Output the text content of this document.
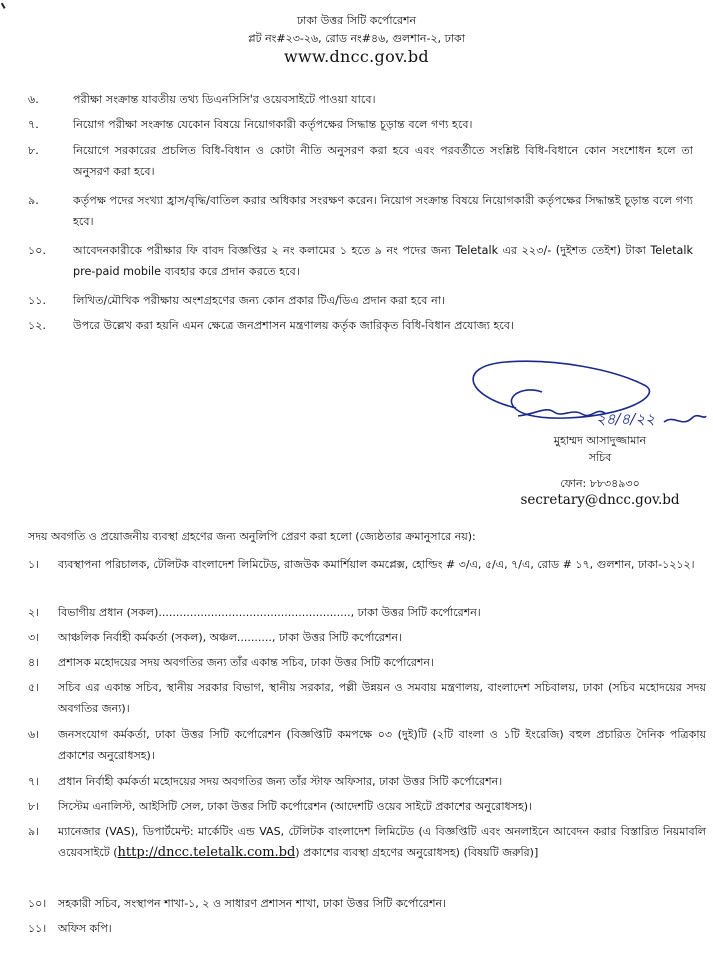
ঢাকা উত্তর সিটি কর্পোরেশন
প্লট নং#২৩-২৬, রোড নং#৪৬, গুলশান-২, ঢাকা
www.dncc.gov.bd
৬.	পরীক্ষা সংক্রান্ত যাবতীয় তথ্য ডিএনসিসি'র ওয়েবসাইটে পাওয়া যাবে।
৭.	নিয়োগ পরীক্ষা সংক্রান্ত যেকোন বিষয়ে নিয়োগকারী কর্তৃপক্ষের সিদ্ধান্ত চূড়ান্ত বলে গণ্য হবে।
৮.	নিয়োগে সরকারের প্রচলিত বিধি-বিধান ও কোটা নীতি অনুসরণ করা হবে এবং পরবর্তীতে সংশ্লিষ্ট বিধি-বিধানে কোন সংশোধন হলে তা অনুসরণ করা হবে।
৯.	কর্তৃপক্ষ পদের সংখ্যা হ্রাস/বৃদ্ধি/বাতিল করার অধিকার সংরক্ষণ করেন। নিয়োগ সংক্রান্ত বিষয়ে নিয়োগকারী কর্তৃপক্ষের সিদ্ধান্তই চূড়ান্ত বলে গণ্য হবে।
১০.	আবেদনকারীকে পরীক্ষার ফি বাবদ বিজ্ঞপ্তির ২ নং কলামের ১ হতে ৯ নং পদের জন্য Teletalk এর ২২৩/- (দুইশত তেইশ) টাকা Teletalk pre-paid mobile ব্যবহার করে প্রদান করতে হবে।
১১.	লিখিত/মৌখিক পরীক্ষায় অংশগ্রহণের জন্য কোন প্রকার টিএ/ডিএ প্রদান করা হবে না।
১২.	উপরে উল্লেখ করা হয়নি এমন ক্ষেত্রে জনপ্রশাসন মন্ত্রণালয় কর্তৃক জারিকৃত বিধি-বিধান প্রযোজ্য হবে।
২৪/৪/২২
মুহাম্মদ আসাদুজ্জামান
সচিব
ফোন: ৮৮৩৪৯৩০
secretary@dncc.gov.bd
সদয় অবগতি ও প্রয়োজনীয় ব্যবস্থা গ্রহণের জন্য অনুলিপি প্রেরণ করা হলো (জ্যেষ্ঠতার ক্রমানুসারে নয়):
১।	ব্যবস্থাপনা পরিচালক, টেলিটক বাংলাদেশ লিমিটেড, রাজউক কমার্শিয়াল কমপ্লেক্স, হোল্ডিং # ৩/এ, ৫/এ, ৭/এ, রোড # ১৭, গুলশান, ঢাকা-১২১২।
২।	বিভাগীয় প্রধান (সকল)......................................................., ঢাকা উত্তর সিটি কর্পোরেশন।
৩।	আঞ্চলিক নির্বাহী কর্মকর্তা (সকল), অঞ্চল.........., ঢাকা উত্তর সিটি কর্পোরেশন।
৪।	প্রশাসক মহোদয়ের সদয় অবগতির জন্য তাঁর একান্ত সচিব, ঢাকা উত্তর সিটি কর্পোরেশন।
৫।	সচিব এর একান্ত সচিব, স্থানীয় সরকার বিভাগ, স্থানীয় সরকার, পল্লী উন্নয়ন ও সমবায় মন্ত্রণালয়, বাংলাদেশ সচিবালয়, ঢাকা (সচিব মহোদয়ের সদয় অবগতির জন্য)।
৬।	জনসংযোগ কর্মকর্তা, ঢাকা উত্তর সিটি কর্পোরেশন (বিজ্ঞপ্তিটি কমপক্ষে ০৩ (দুই)টি (২টি বাংলা ও ১টি ইংরেজি) বহুল প্রচারিত দৈনিক পত্রিকায় প্রকাশের অনুরোধসহ)।
৭।	প্রধান নির্বাহী কর্মকর্তা মহোদয়ের সদয় অবগতির জন্য তাঁর স্টাফ অফিসার, ঢাকা উত্তর সিটি কর্পোরেশন।
৮।	সিস্টেম এনালিস্ট, আইসিটি সেল, ঢাকা উত্তর সিটি কর্পোরেশন (আদেশটি ওয়েব সাইটে প্রকাশের অনুরোধসহ)।
৯।	ম্যানেজার (VAS), ডিপার্টমেন্ট: মার্কেটিং এন্ড VAS, টেলিটক বাংলাদেশ লিমিটেড (এ বিজ্ঞপ্তিটি এবং অনলাইনে আবেদন করার বিস্তারিত নিয়মাবলি ওয়েবসাইটে (http://dncc.teletalk.com.bd) প্রকাশের ব্যবস্থা গ্রহণের অনুরোধসহ) (বিষয়টি জরুরি)]
১০।	সহকারী সচিব, সংস্থাপন শাখা-১, ২ ও সাধারণ প্রশাসন শাখা, ঢাকা উত্তর সিটি কর্পোরেশন।
১১।	অফিস কপি।
